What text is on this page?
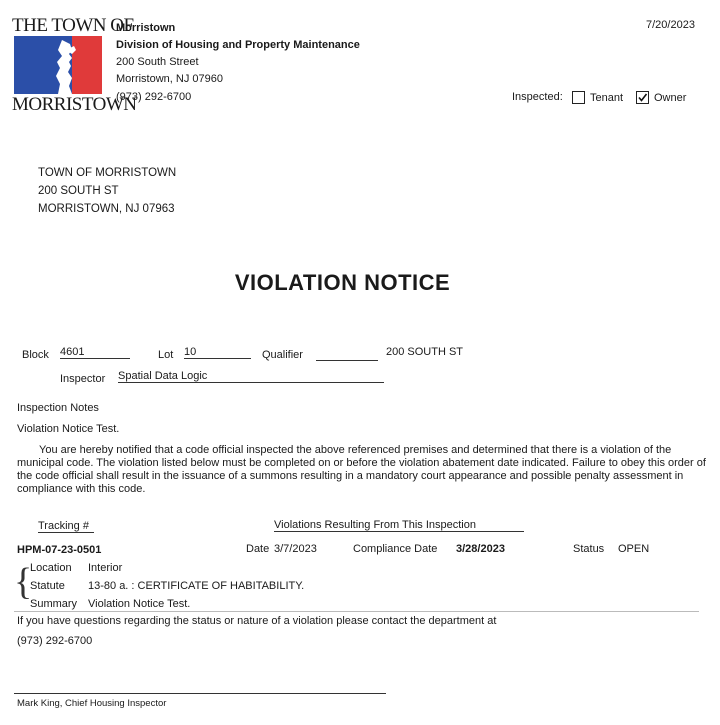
THE TOWN OF
MORRISTOWN
Morristown
Division of Housing and Property Maintenance
200 South Street
Morristown, NJ 07960
(973) 292-6700
7/20/2023
Inspected: Tenant	Owner
TOWN OF MORRISTOWN
200 SOUTH ST
MORRISTOWN, NJ 07963
VIOLATION NOTICE
Block 4601	Lot 10	Qualifier	200 SOUTH ST
Inspector Spatial Data Logic
Inspection Notes
Violation Notice Test.
You are hereby notified that a code official inspected the above referenced premises and determined that there is a violation of the municipal code. The violation listed below must be completed on or before the violation abatement date indicated. Failure to obey this order of the code official shall result in the issuance of a summons resulting in a mandatory court appearance and possible penalty assessment in compliance with this code.
Tracking #	Violations Resulting From This Inspection
HPM-07-23-0501	Date 3/7/2023	Compliance Date 3/28/2023	Status OPEN
{
Location Interior
Statute 13-80 a. : CERTIFICATE OF HABITABILITY.
Summary Violation Notice Test.
If you have questions regarding the status or nature of a violation please contact the department at
(973) 292-6700
Mark King, Chief Housing Inspector
